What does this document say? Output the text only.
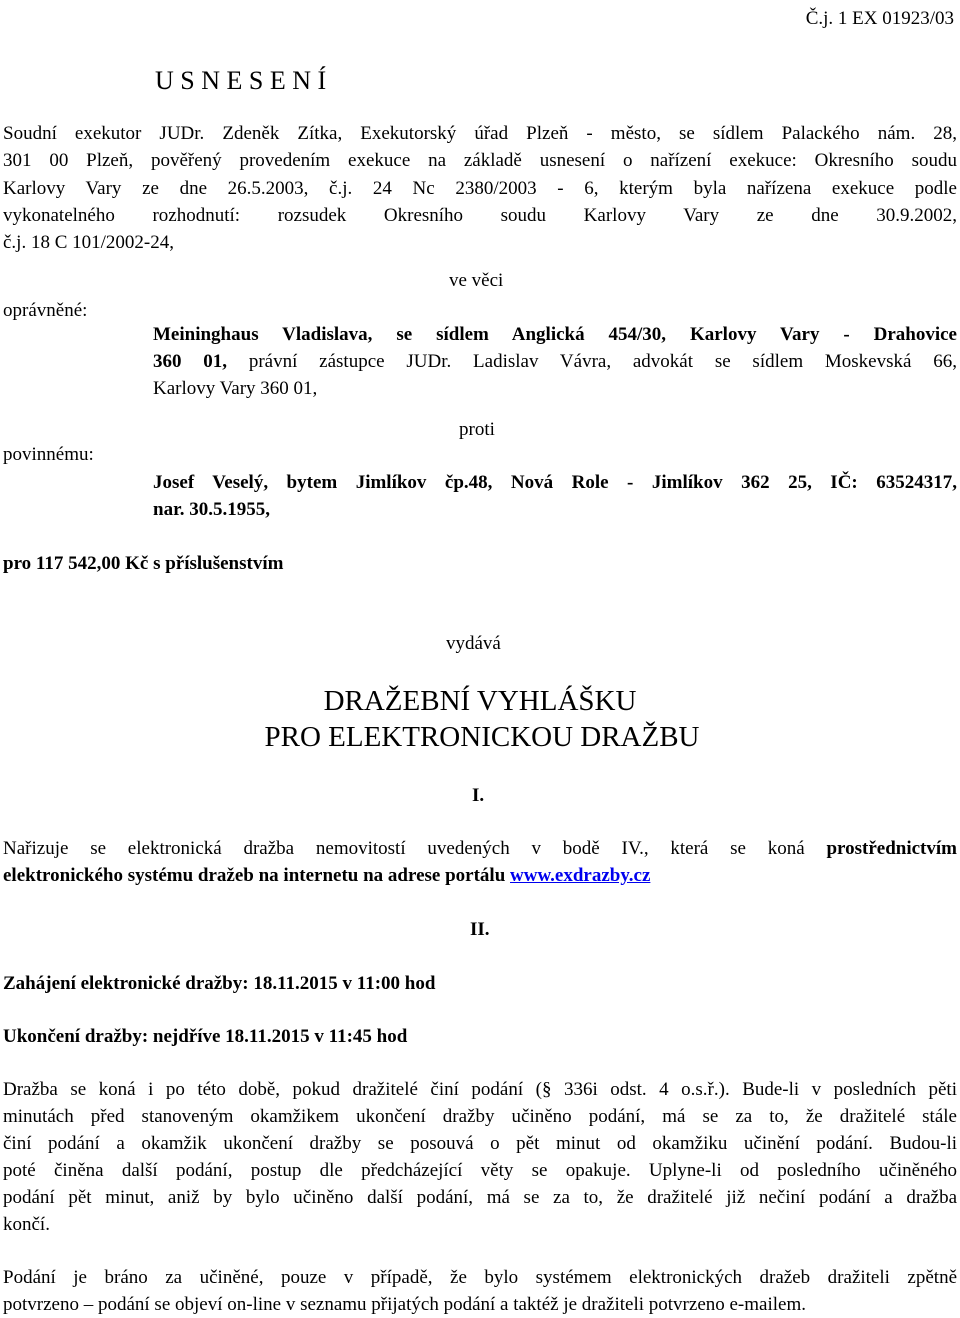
Č.j. 1 EX 01923/03
U S N E S E N Í
Soudní exekutor JUDr. Zdeněk Zítka, Exekutorský úřad Plzeň - město, se sídlem Palackého nám. 28,
301 00 Plzeň, pověřený provedením exekuce na základě usnesení o nařízení exekuce: Okresního soudu
Karlovy Vary ze dne 26.5.2003, č.j. 24 Nc 2380/2003 - 6, kterým byla nařízena exekuce podle
vykonatelného rozhodnutí: rozsudek Okresního soudu Karlovy Vary ze dne 30.9.2002,
č.j. 18 C 101/2002-24,
ve věci
oprávněné:
Meininghaus Vladislava, se sídlem Anglická 454/30, Karlovy Vary - Drahovice
360 01, právní zástupce JUDr. Ladislav Vávra, advokát se sídlem Moskevská 66,
Karlovy Vary 360 01,
proti
povinnému:
Josef Veselý, bytem Jimlíkov čp.48, Nová Role - Jimlíkov 362 25, IČ: 63524317,
nar. 30.5.1955,
pro 117 542,00 Kč s příslušenstvím
vydává
DRAŽEBNÍ VYHLÁŠKU
PRO ELEKTRONICKOU DRAŽBU
I.
Nařizuje se elektronická dražba nemovitostí uvedených v bodě IV., která se koná prostřednictvím
elektronického systému dražeb na internetu na adrese portálu www.exdrazby.cz
II.
Zahájení elektronické dražby: 18.11.2015 v 11:00 hod
Ukončení dražby: nejdříve 18.11.2015 v 11:45 hod
Dražba se koná i po této době, pokud dražitelé činí podání (§ 336i odst. 4 o.s.ř.). Bude-li v posledních pěti
minutách před stanoveným okamžikem ukončení dražby učiněno podání, má se za to, že dražitelé stále
činí podání a okamžik ukončení dražby se posouvá o pět minut od okamžiku učinění podání. Budou-li
poté činěna další podání, postup dle předcházející věty se opakuje. Uplyne-li od posledního učiněného
podání pět minut, aniž by bylo učiněno další podání, má se za to, že dražitelé již nečiní podání a dražba
končí.
Podání je bráno za učiněné, pouze v případě, že bylo systémem elektronických dražeb dražiteli zpětně
potvrzeno – podání se objeví on-line v seznamu přijatých podání a taktéž je dražiteli potvrzeno e-mailem.
